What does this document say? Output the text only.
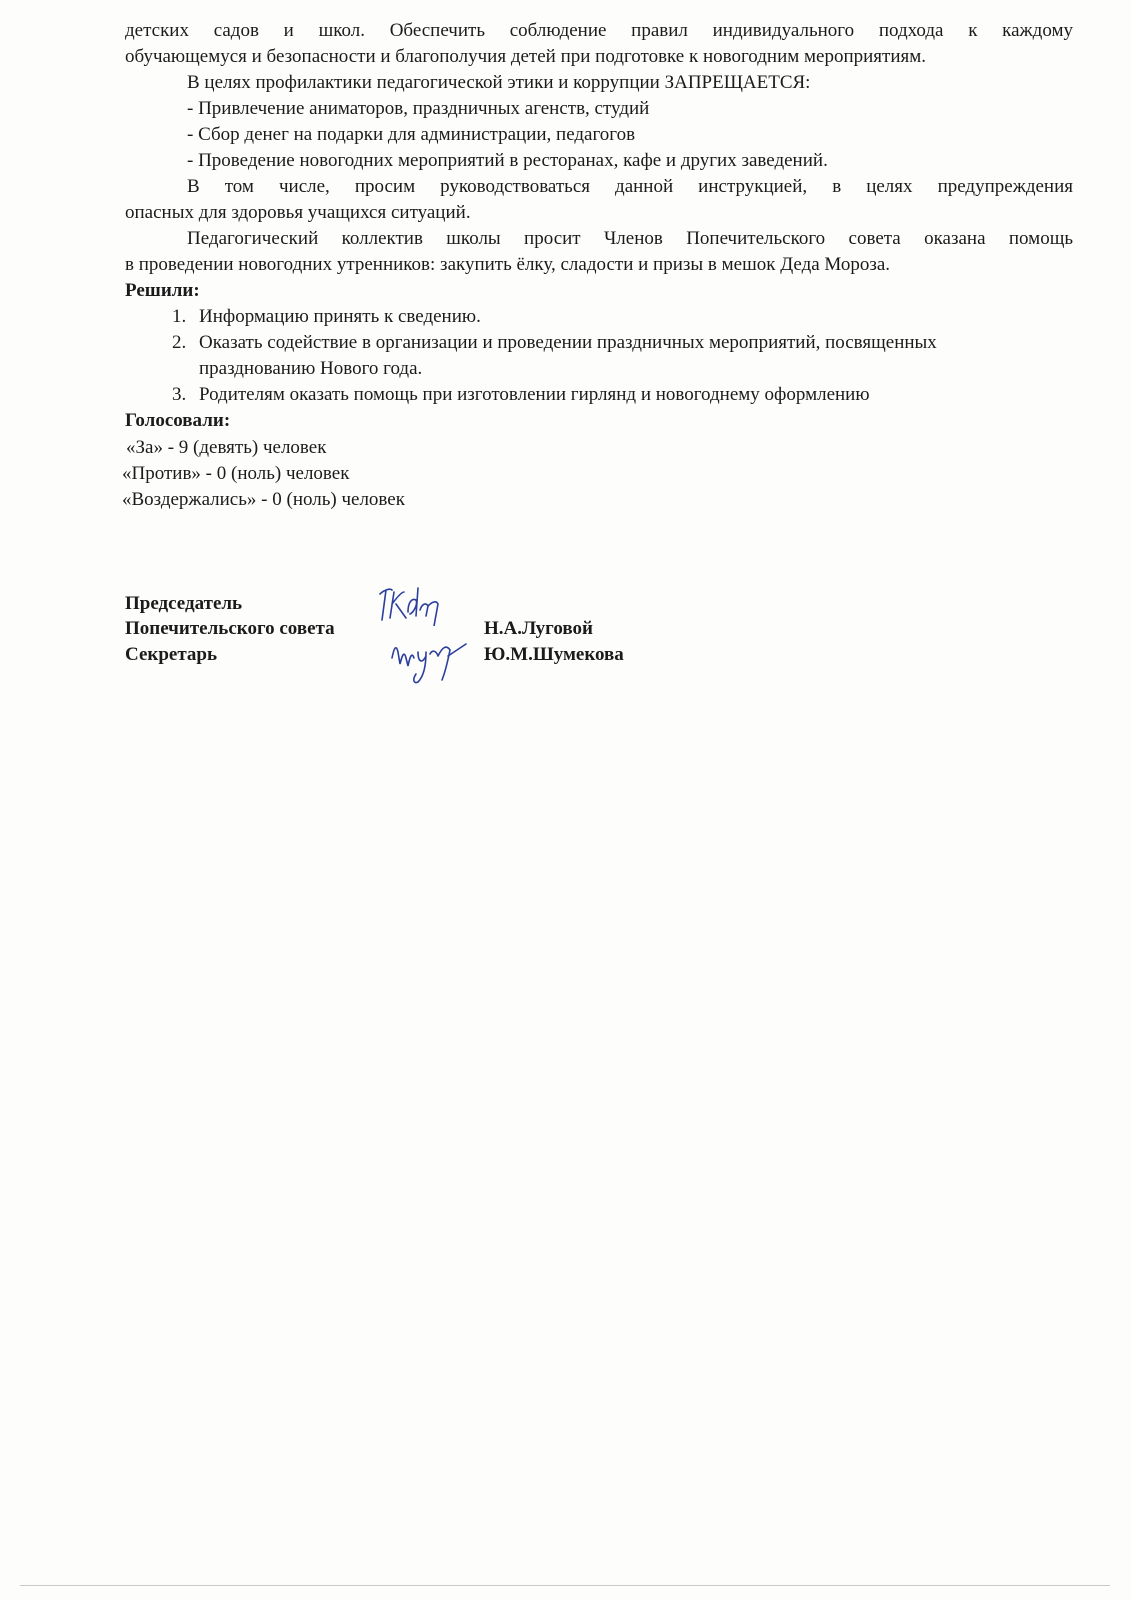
детских садов и школ. Обеспечить соблюдение правил индивидуального подхода к каждому

обучающемуся и безопасности и благополучия детей при подготовке к новогодним мероприятиям.

В целях профилактики педагогической этики и коррупции ЗАПРЕЩАЕТСЯ:

- Привлечение аниматоров, праздничных агенств, студий
- Сбор денег на подарки для администрации, педагогов
- Проведение новогодних мероприятий в ресторанах, кафе и других заведений.

В том числе, просим руководствоваться данной инструкцией, в целях предупреждения

опасных для здоровья учащихся ситуаций.

Педагогический коллектив школы просит Членов Попечительского совета оказана помощь

в проведении новогодних утренников: закупить ёлку, сладости и призы в мешок Деда Мороза.

Решили:
1. Информацию принять к сведению.
2. Оказать содействие в организации и проведении праздничных мероприятий, посвященных празднованию Нового года.
3. Родителям оказать помощь при изготовлении гирлянд и новогоднему оформлению
Голосовали:
«За» - 9 (девять) человек
«Против» - 0 (ноль) человек
«Воздержались» - 0 (ноль) человек
Председатель
Попечительского совета	Н.А.Луговой
Секретарь	Ю.М.Шумекова
